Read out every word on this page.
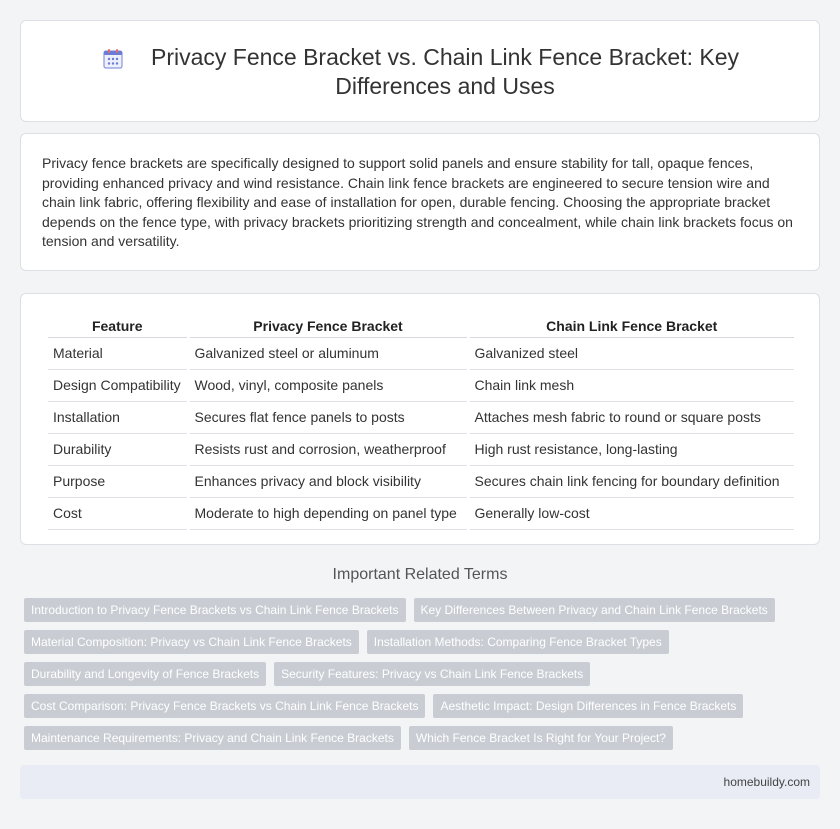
Privacy Fence Bracket vs. Chain Link Fence Bracket: Key Differences and Uses

Privacy fence brackets are specifically designed to support solid panels and ensure stability for tall, opaque fences, providing enhanced privacy and wind resistance. Chain link fence brackets are engineered to secure tension wire and chain link fabric, offering flexibility and ease of installation for open, durable fencing. Choosing the appropriate bracket depends on the fence type, with privacy brackets prioritizing strength and concealment, while chain link brackets focus on tension and versatility.

Feature	Privacy Fence Bracket	Chain Link Fence Bracket
Material	Galvanized steel or aluminum	Galvanized steel
Design Compatibility	Wood, vinyl, composite panels	Chain link mesh
Installation	Secures flat fence panels to posts	Attaches mesh fabric to round or square posts
Durability	Resists rust and corrosion, weatherproof	High rust resistance, long-lasting
Purpose	Enhances privacy and block visibility	Secures chain link fencing for boundary definition
Cost	Moderate to high depending on panel type	Generally low-cost
Important Related Terms
Introduction to Privacy Fence Brackets vs Chain Link Fence Brackets	Key Differences Between Privacy and Chain Link Fence Brackets
Material Composition: Privacy vs Chain Link Fence Brackets	Installation Methods: Comparing Fence Bracket Types
Durability and Longevity of Fence Brackets	Security Features: Privacy vs Chain Link Fence Brackets
Cost Comparison: Privacy Fence Brackets vs Chain Link Fence Brackets	Aesthetic Impact: Design Differences in Fence Brackets
Maintenance Requirements: Privacy and Chain Link Fence Brackets	Which Fence Bracket Is Right for Your Project?
homebuildy.com
